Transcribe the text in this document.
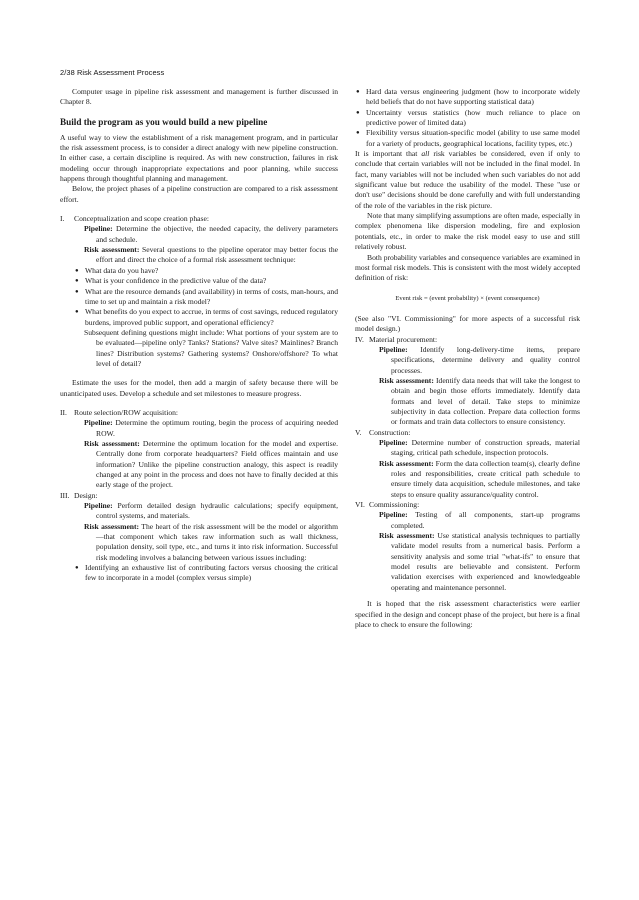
2/38 Risk Assessment Process

Computer usage in pipeline risk assessment and management is further discussed in Chapter 8.

Build the program as you would build a new pipeline

A useful way to view the establishment of a risk management program, and in particular the risk assessment process, is to consider a direct analogy with new pipeline construction. In either case, a certain discipline is required. As with new construction, failures in risk modeling occur through inappropriate expectations and poor planning, while success happens through thoughtful planning and management.

Below, the project phases of a pipeline construction are compared to a risk assessment effort.

I. Conceptualization and scope creation phase:

Pipeline: Determine the objective, the needed capacity, the delivery parameters and schedule.

Risk assessment: Several questions to the pipeline operator may better focus the effort and direct the choice of a formal risk assessment technique:

● What data do you have?

● What is your confidence in the predictive value of the data?

● What are the resource demands (and availability) in terms of costs, man-hours, and time to set up and maintain a risk model?

● What benefits do you expect to accrue, in terms of cost savings, reduced regulatory burdens, improved public support, and operational efficiency?

Subsequent defining questions might include: What portions of your system are to be evaluated—pipeline only? Tanks? Stations? Valve sites? Mainlines? Branch lines? Distribution systems? Gathering systems? Onshore/offshore? To what level of detail?

Estimate the uses for the model, then add a margin of safety because there will be unanticipated uses. Develop a schedule and set milestones to measure progress.

II. Route selection/ROW acquisition:

Pipeline: Determine the optimum routing, begin the process of acquiring needed ROW.

Risk assessment: Determine the optimum location for the model and expertise. Centrally done from corporate headquarters? Field offices maintain and use information? Unlike the pipeline construction analogy, this aspect is readily changed at any point in the process and does not have to finally decided at this early stage of the project.

III. Design:

Pipeline: Perform detailed design hydraulic calculations; specify equipment, control systems, and materials.

Risk assessment: The heart of the risk assessment will be the model or algorithm—that component which takes raw information such as wall thickness, population density, soil type, etc., and turns it into risk information. Successful risk modeling involves a balancing between various issues including:

● Identifying an exhaustive list of contributing factors versus choosing the critical few to incorporate in a model (complex versus simple)

● Hard data versus engineering judgment (how to incorporate widely held beliefs that do not have supporting statistical data)

● Uncertainty versus statistics (how much reliance to place on predictive power of limited data)

● Flexibility versus situation-specific model (ability to use same model for a variety of products, geographical locations, facility types, etc.)

It is important that all risk variables be considered, even if only to conclude that certain variables will not be included in the final model. In fact, many variables will not be included when such variables do not add significant value but reduce the usability of the model. These "use or don't use" decisions should be done carefully and with full understanding of the role of the variables in the risk picture.

Note that many simplifying assumptions are often made, especially in complex phenomena like dispersion modeling, fire and explosion potentials, etc., in order to make the risk model easy to use and still relatively robust.

Both probability variables and consequence variables are examined in most formal risk models. This is consistent with the most widely accepted definition of risk:

Event risk = (event probability) × (event consequence)

(See also "VI. Commissioning" for more aspects of a successful risk model design.)

IV. Material procurement:

Pipeline: Identify long-delivery-time items, prepare specifications, determine delivery and quality control processes.

Risk assessment: Identify data needs that will take the longest to obtain and begin those efforts immediately. Identify data formats and level of detail. Take steps to minimize subjectivity in data collection. Prepare data collection forms or formats and train data collectors to ensure consistency.

V. Construction:

Pipeline: Determine number of construction spreads, material staging, critical path schedule, inspection protocols.

Risk assessment: Form the data collection team(s), clearly define roles and responsibilities, create critical path schedule to ensure timely data acquisition, schedule milestones, and take steps to ensure quality assurance/quality control.

VI. Commissioning:

Pipeline: Testing of all components, start-up programs completed.

Risk assessment: Use statistical analysis techniques to partially validate model results from a numerical basis. Perform a sensitivity analysis and some trial "what-ifs" to ensure that model results are believable and consistent. Perform validation exercises with experienced and knowledgeable operating and maintenance personnel.

It is hoped that the risk assessment characteristics were earlier specified in the design and concept phase of the project, but here is a final place to check to ensure the following:
